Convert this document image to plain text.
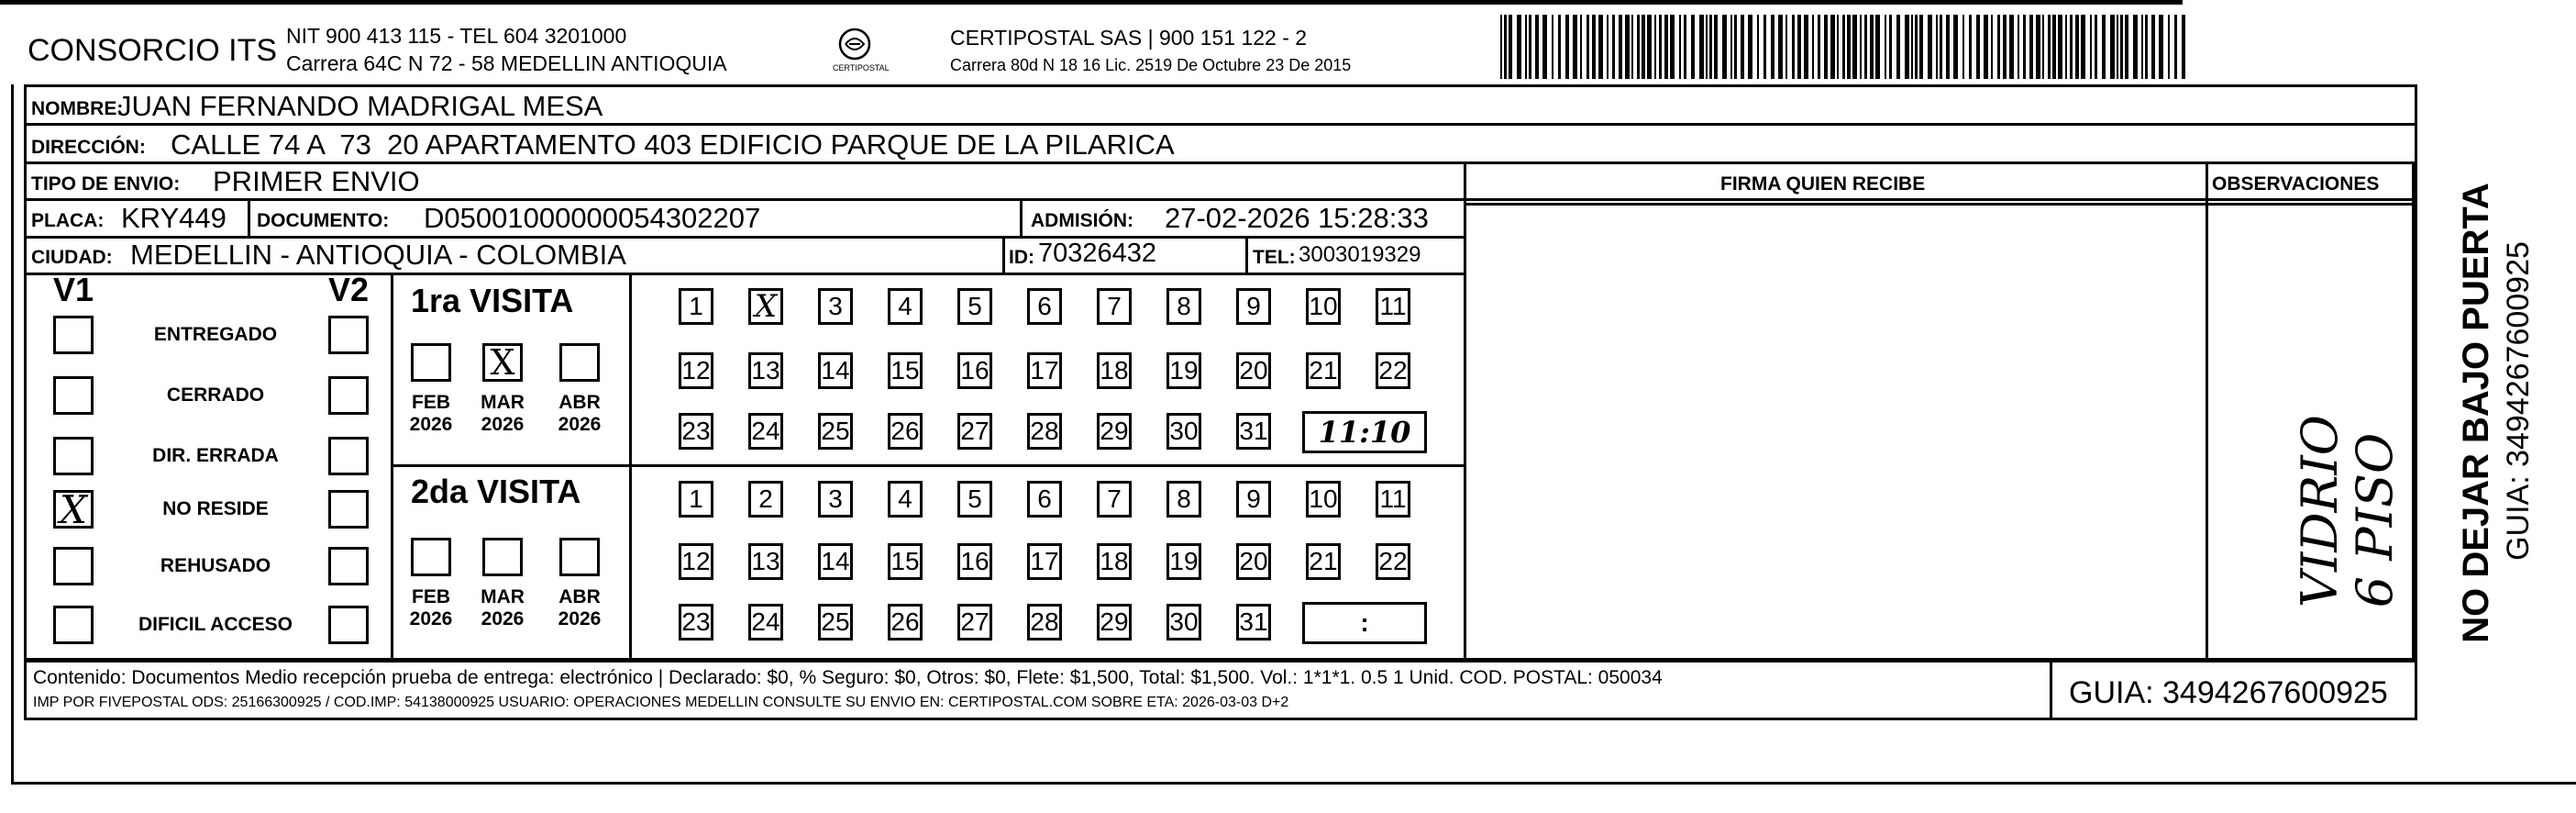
CONSORCIO ITS NIT 900 413 115 - TEL 604 3201000
Carrera 64C N 72 - 58 MEDELLIN ANTIOQUIA	CERTIPOSTAL
CERTIPOSTAL SAS | 900 151 122 - 2
Carrera 80d N 18 16 Lic. 2519 De Octubre 23 De 2015
NOMBRE:
JUAN FERNANDO MADRIGAL MESA
DIRECCIÓN: CALLE 74 A  73  20 APARTAMENTO 403 EDIFICIO PARQUE DE LA PILARICA
TIPO DE ENVIO: PRIMER ENVIO	FIRMA QUIEN RECIBE	OBSERVACIONES
PLACA: KRY449 DOCUMENTO: D05001000000054302207	ADMISIÓN: 27-02-2026 15:28:33
CIUDAD: MEDELLIN - ANTIOQUIA - COLOMBIA	ID: 70326432	TEL: 3003019329
V1	V2
ENTREGADO
CERRADO
DIR. ERRADA
X	NO RESIDE
REHUSADO
DIFICIL ACCESO
1ra VISITA
2da VISITA
FEB
2026
X
MAR
2026
ABR
2026
FEB
2026
MAR
2026
ABR
2026
1 X 3 4 5 6 7 8 9 10 11
12 13 14 15 16 17 18 19 20 21 22
23 24 25 26 27 28 29 30 31
1 2 3 4 5 6 7 8 9 10 11
12 13 14 15 16 17 18 19 20 21 22
23 24 25 26 27 28 29 30 31
11:10
:
VIDRIO
6 PISO
Contenido: Documentos Medio recepción prueba de entrega: electrónico | Declarado: $0, % Seguro: $0, Otros: $0, Flete: $1,500, Total: $1,500. Vol.: 1*1*1. 0.5 1 Unid. COD. POSTAL: 050034
IMP POR FIVEPOSTAL ODS: 25166300925 / COD.IMP: 54138000925 USUARIO: OPERACIONES MEDELLIN CONSULTE SU ENVIO EN: CERTIPOSTAL.COM SOBRE ETA: 2026-03-03 D+2	GUIA: 3494267600925
NO DEJAR BAJO PUERTA GUIA: 3494267600925
